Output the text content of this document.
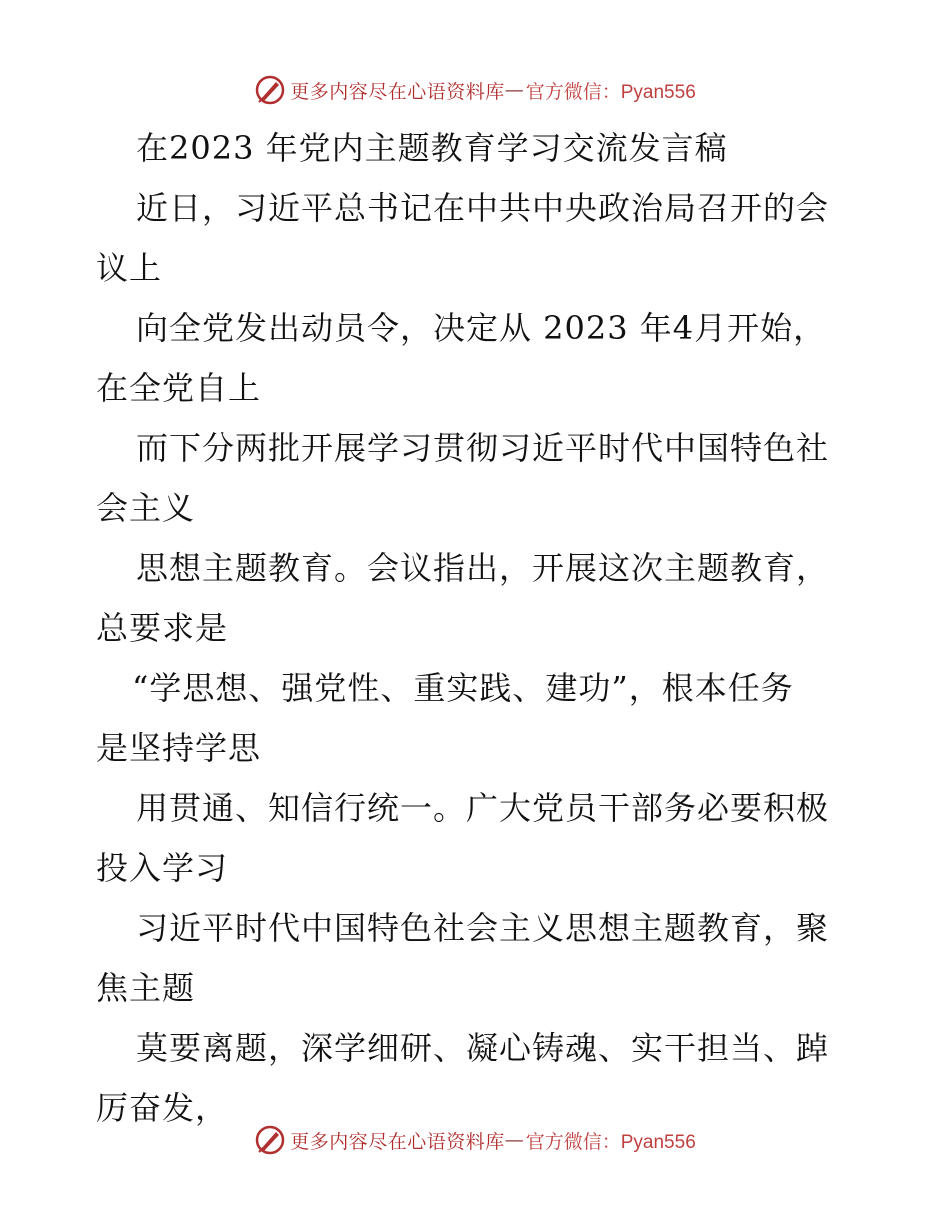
更多内容尽在心语资料库 — 官方微信：Pyan556
在2023 年党内主题教育学习交流发言稿
近日，习近平总书记在中共中央政治局召开的会
议上
向全党发出动员令，决定从 2023 年4月开始，
在全党自上
而下分两批开展学习贯彻习近平时代中国特色社
会主义
思想主题教育。会议指出，开展这次主题教育，
总要求是
“学思想、强党性、重实践、建功”，根本任务
是坚持学思
用贯通、知信行统一。广大党员干部务必要积极
投入学习
习近平时代中国特色社会主义思想主题教育，聚
焦主题
莫要离题，深学细研、凝心铸魂、实干担当、踔
厉奋发，
更多内容尽在心语资料库 — 官方微信：Pyan556
